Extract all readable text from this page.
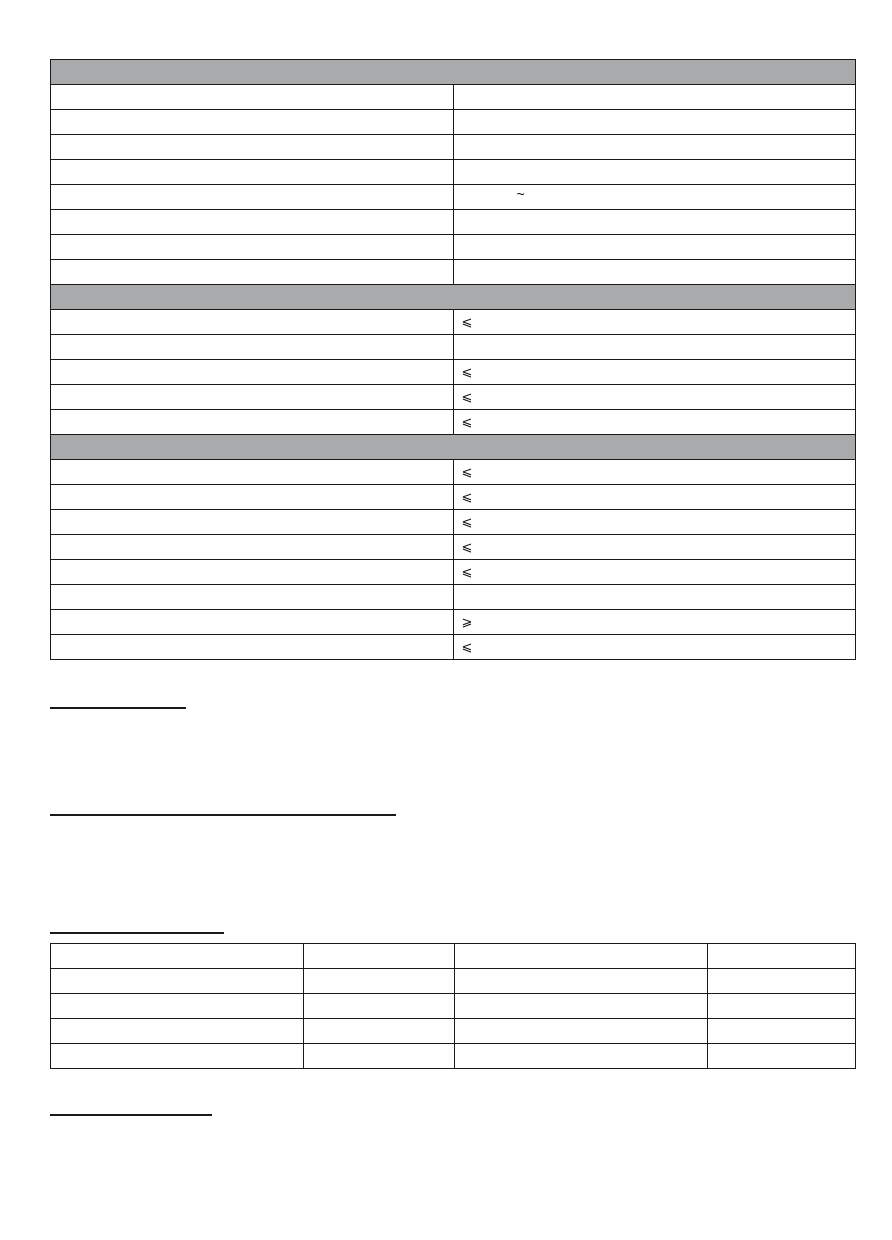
	~

	⩽

	⩽
	⩽
	⩽

	⩽
	⩽
	⩽
	⩽
	⩽

	⩾
	⩽
